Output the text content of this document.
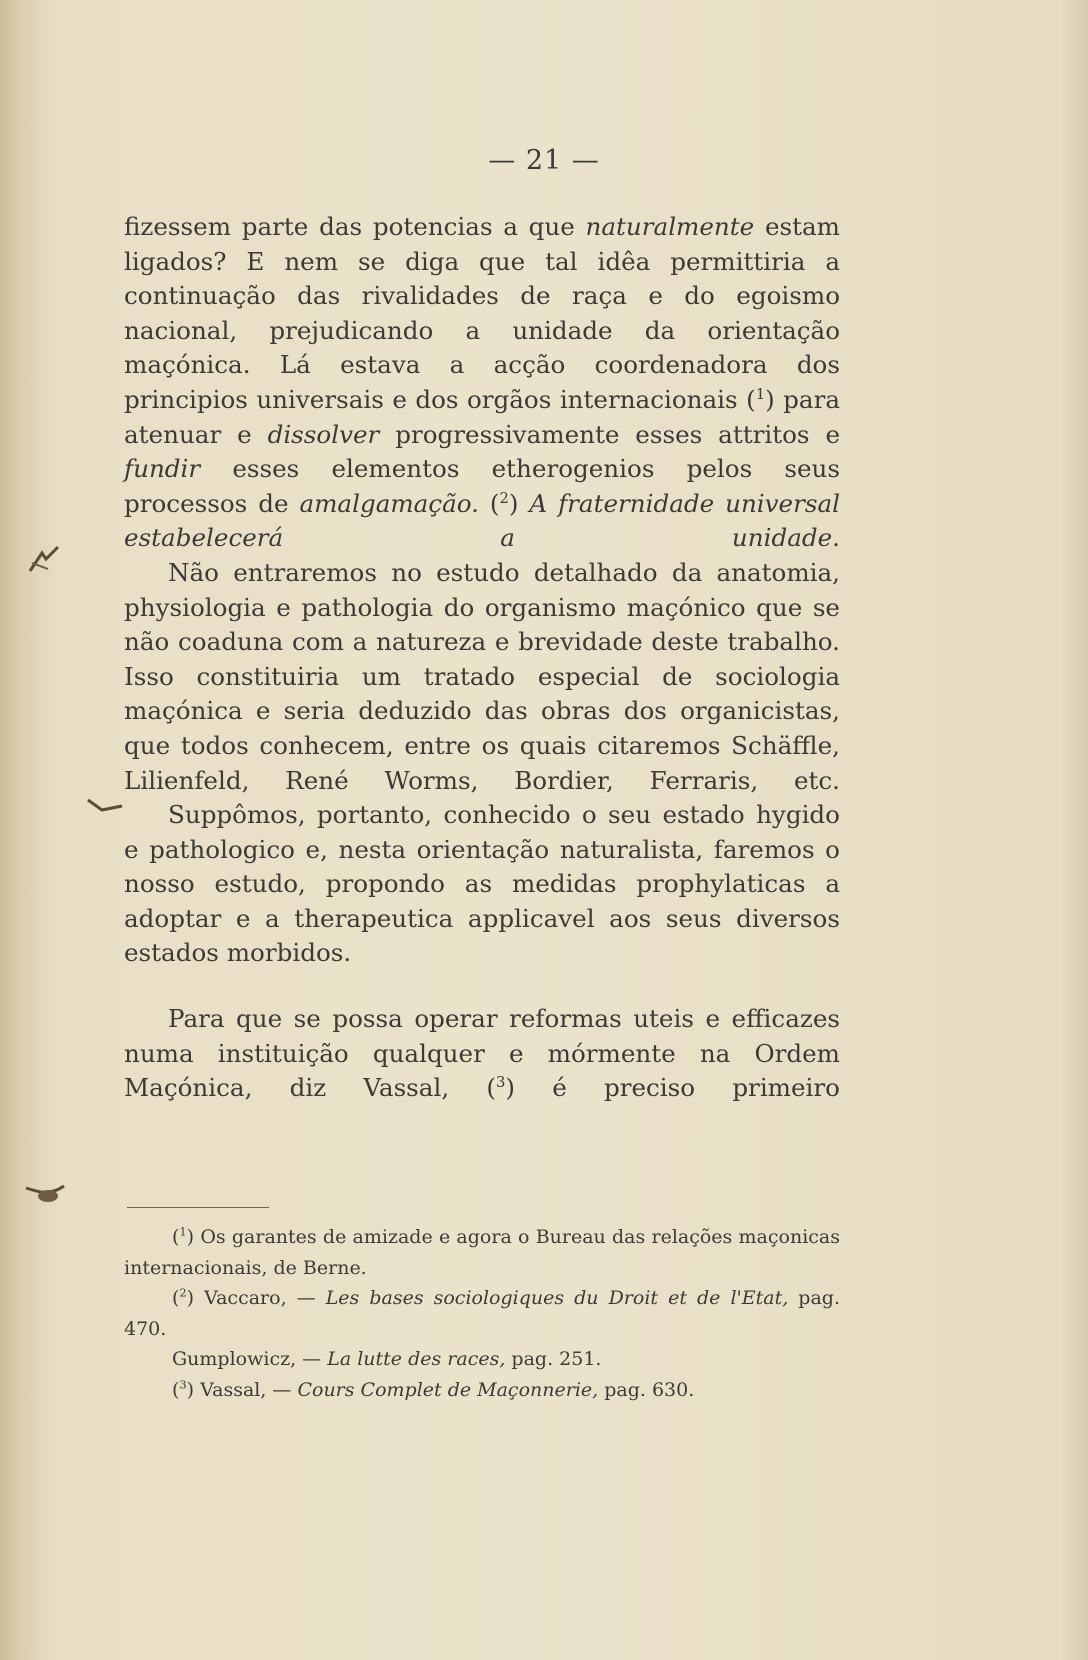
— 21 —

fizessem parte das potencias a que naturalmente estam ligados? E nem se diga que tal idêa permittiria a continuação das rivalidades de raça e do egoismo nacional, prejudicando a unidade da orientação maçónica. Lá estava a acção coordenadora dos principios universais e dos orgãos internacionais ($^1$) para atenuar e dissolver progressivamente esses attritos e fundir esses elementos etherogenios pelos seus processos de amalgamação. ($^2$) A fraternidade universal estabelecerá a unidade.

Não entraremos no estudo detalhado da anatomia, physiologia e pathologia do organismo maçónico que se não coaduna com a natureza e brevidade deste trabalho. Isso constituiria um tratado especial de sociologia maçónica e seria deduzido das obras dos organicistas, que todos conhecem, entre os quais citaremos Schäffle, Lilienfeld, René Worms, Bordier, Ferraris, etc.

Suppômos, portanto, conhecido o seu estado hygido e pathologico e, nesta orientação naturalista, faremos o nosso estudo, propondo as medidas prophylaticas a adoptar e a therapeutica applicavel aos seus diversos estados morbidos.

Para que se possa operar reformas uteis e efficazes numa instituição qualquer e mórmente na Ordem Maçónica, diz Vassal, ($^3$) é preciso primeiro

($^1$) Os garantes de amizade e agora o Bureau das relações maçonicas internacionais, de Berne.

($^2$) Vaccaro, — Les bases sociologiques du Droit et de l'Etat, pag. 470.

Gumplowicz, — La lutte des races, pag. 251.

($^3$) Vassal, — Cours Complet de Maçonnerie, pag. 630.
